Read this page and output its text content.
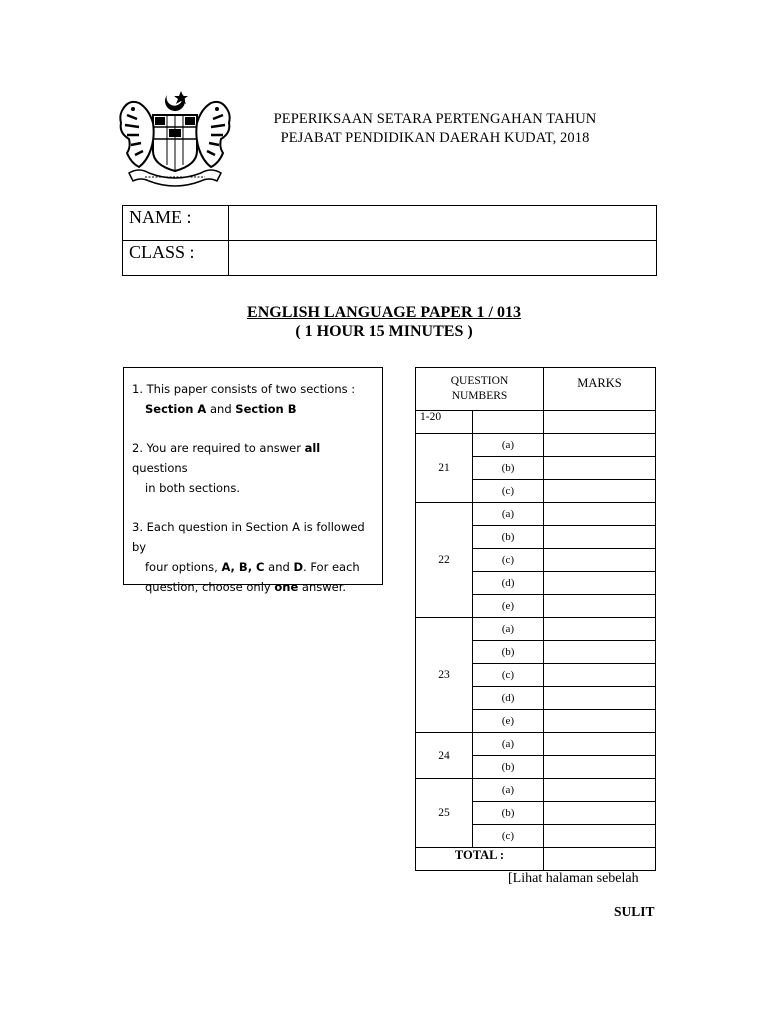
PEPERIKSAAN SETARA PERTENGAHAN TAHUN
PEJABAT PENDIDIKAN DAERAH KUDAT, 2018
NAME :	
CLASS :	
ENGLISH LANGUAGE PAPER 1 / 013
( 1 HOUR 15 MINUTES )

1. This paper consists of two sections :
Section A and Section B

2. You are required to answer all questions
in both sections.

3. Each question in Section A is followed by
four options, A, B, C and D. For each
question, choose only one answer.

QUESTION
NUMBERS		MARKS
1-20		
21	(a)	
	(b)	
	(c)	
22	(a)	
	(b)	
	(c)	
	(d)	
	(e)	
23	(a)	
	(b)	
	(c)	
	(d)	
	(e)	
24	(a)	
	(b)	
25	(a)	
	(b)	
	(c)	
TOTAL :		
[Lihat halaman sebelah
SULIT
